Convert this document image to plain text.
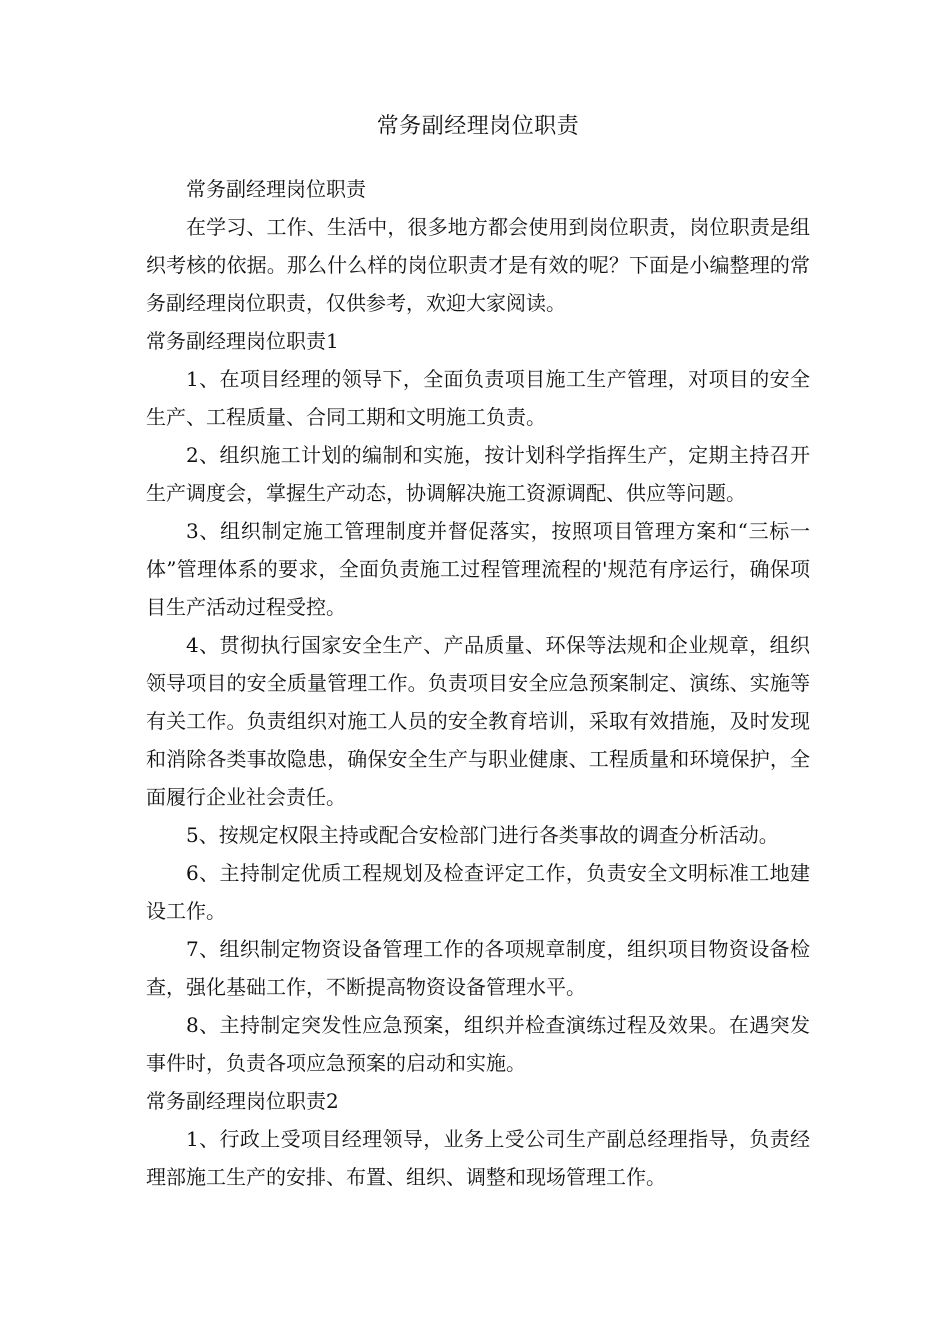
常务副经理岗位职责

常务副经理岗位职责

在学习、工作、生活中，很多地方都会使用到岗位职责，岗位职责是组织考核的依据。那么什么样的岗位职责才是有效的呢？下面是小编整理的常务副经理岗位职责，仅供参考，欢迎大家阅读。

常务副经理岗位职责1

1、在项目经理的领导下，全面负责项目施工生产管理，对项目的安全生产、工程质量、合同工期和文明施工负责。

2、组织施工计划的编制和实施，按计划科学指挥生产，定期主持召开生产调度会，掌握生产动态，协调解决施工资源调配、供应等问题。

3、组织制定施工管理制度并督促落实，按照项目管理方案和“三标一体”管理体系的要求，全面负责施工过程管理流程的'规范有序运行，确保项目生产活动过程受控。

4、贯彻执行国家安全生产、产品质量、环保等法规和企业规章，组织领导项目的安全质量管理工作。负责项目安全应急预案制定、演练、实施等有关工作。负责组织对施工人员的安全教育培训，采取有效措施，及时发现和消除各类事故隐患，确保安全生产与职业健康、工程质量和环境保护，全面履行企业社会责任。

5、按规定权限主持或配合安检部门进行各类事故的调查分析活动。

6、主持制定优质工程规划及检查评定工作，负责安全文明标准工地建设工作。

7、组织制定物资设备管理工作的各项规章制度，组织项目物资设备检查，强化基础工作，不断提高物资设备管理水平。

8、主持制定突发性应急预案，组织并检查演练过程及效果。在遇突发事件时，负责各项应急预案的启动和实施。

常务副经理岗位职责2

1、行政上受项目经理领导，业务上受公司生产副总经理指导，负责经理部施工生产的安排、布置、组织、调整和现场管理工作。
